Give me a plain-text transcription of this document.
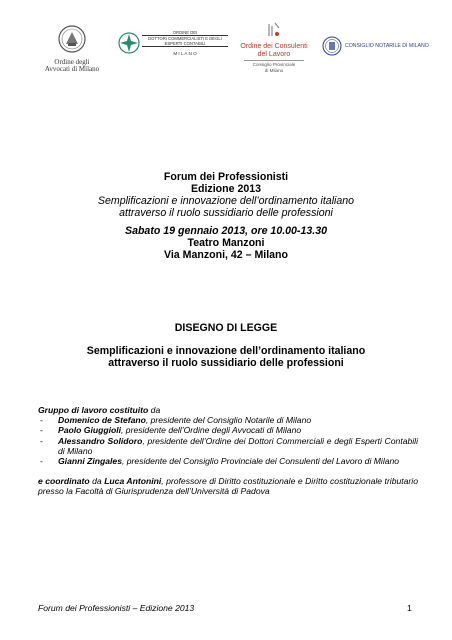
Ordine degli
Avvocati di Milano
ORDINE DEI
DOTTORI COMMERCIALISTI E DEGLI
ESPERTI CONTABILI
M I L A N O
Ordine dei Consulenti
del Lavoro
Consiglio Provinciale
di Milano
CONSIGLIO NOTARILE DI MILANO
Forum dei Professionisti
Edizione 2013
Semplificazioni e innovazione dell’ordinamento italiano
attraverso il ruolo sussidiario delle professioni
Sabato 19 gennaio 2013, ore 10.00-13.30
Teatro Manzoni
Via Manzoni, 42 – Milano
DISEGNO DI LEGGE
Semplificazioni e innovazione dell’ordinamento italiano
attraverso il ruolo sussidiario delle professioni
Gruppo di lavoro costituito da
- Domenico de Stefano, presidente del Consiglio Notarile di Milano
- Paolo Giuggioli, presidente dell’Ordine degli Avvocati di Milano
- Alessandro Solidoro, presidente dell’Ordine dei Dottori Commerciali e degli Esperti Contabili di Milano
- Gianni Zingales, presidente del Consiglio Provinciale dei Consulenti del Lavoro di Milano
e coordinato da Luca Antonini, professore di Diritto costituzionale e Diritto costituzionale tributario presso la Facoltà di Giurisprudenza dell’Università di Padova
Forum dei Professionisti – Edizione 2013	1
